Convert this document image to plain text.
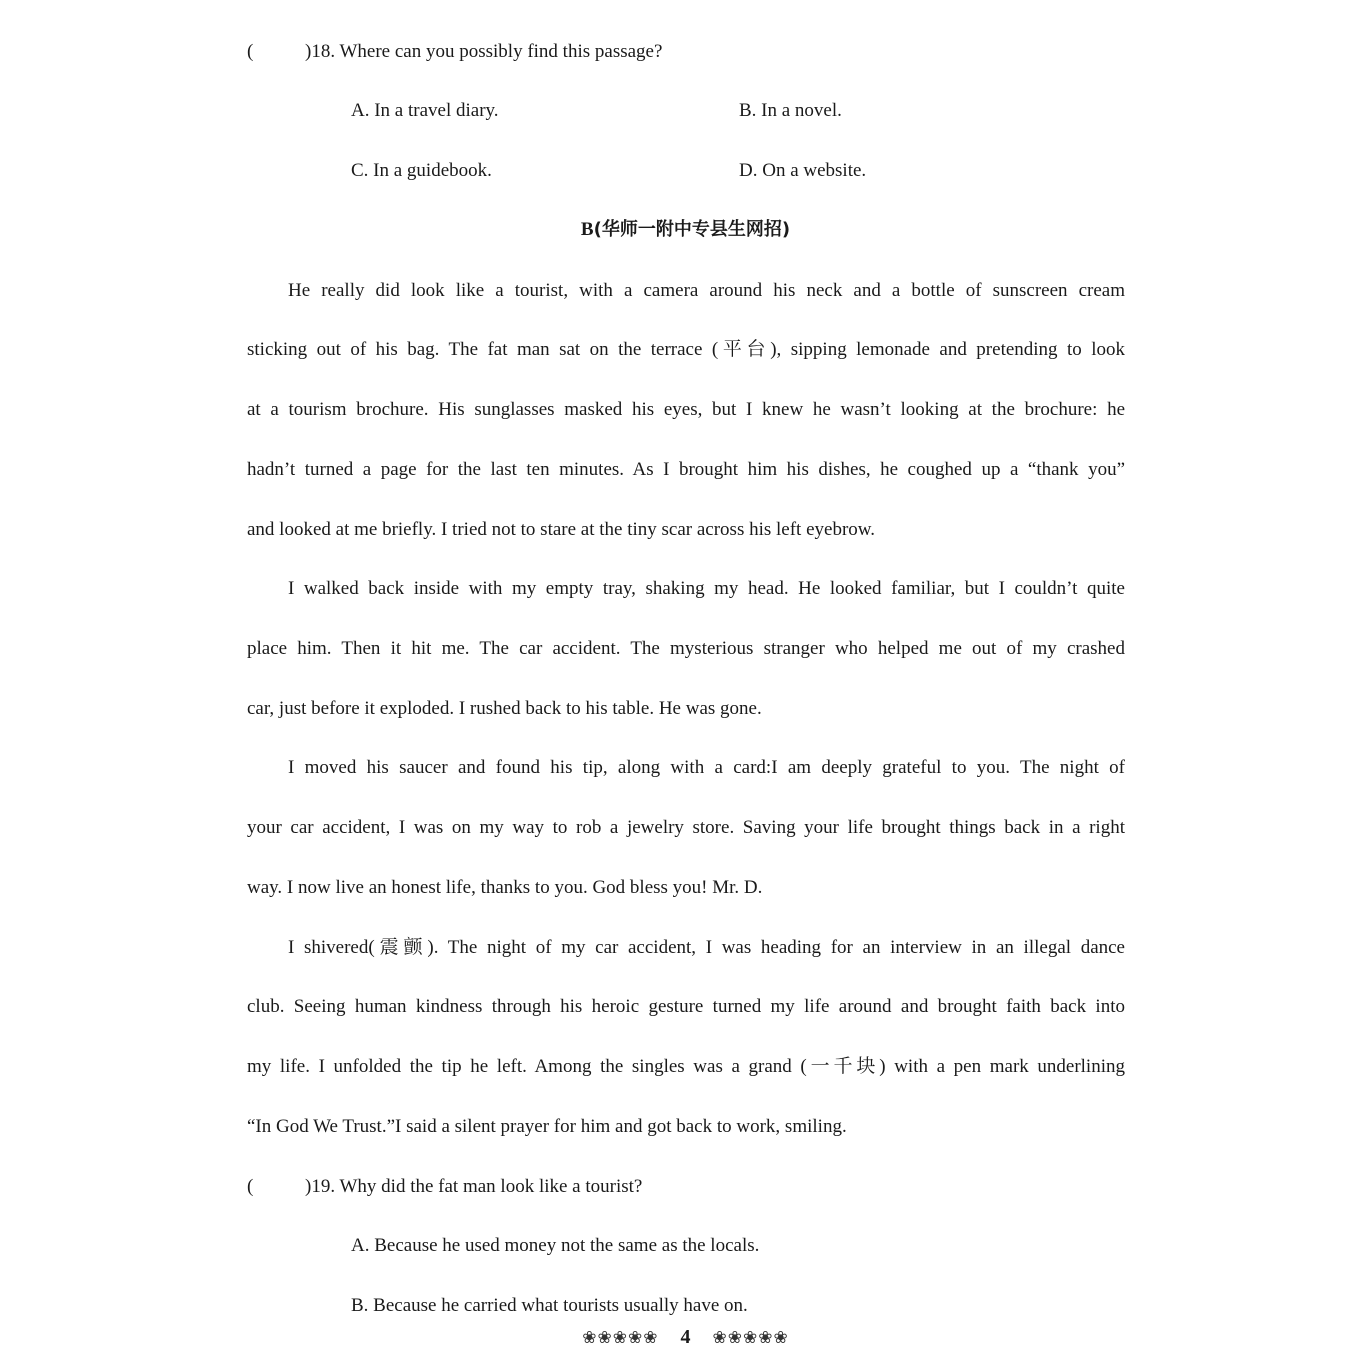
(	)18. Where can you possibly find this passage?
A. In a travel diary.	B. In a novel.
C. In a guidebook.	D. On a website.
B(华师一附中专县生网招)
He really did look like a tourist, with a camera around his neck and a bottle of sunscreen cream
sticking out of his bag. The fat man sat on the terrace (平台), sipping lemonade and pretending to look
at a tourism brochure. His sunglasses masked his eyes, but I knew he wasn’t looking at the brochure: he
hadn’t turned a page for the last ten minutes. As I brought him his dishes, he coughed up a “thank you”
and looked at me briefly. I tried not to stare at the tiny scar across his left eyebrow.
I walked back inside with my empty tray, shaking my head. He looked familiar, but I couldn’t quite
place him. Then it hit me. The car accident. The mysterious stranger who helped me out of my crashed
car, just before it exploded. I rushed back to his table. He was gone.
I moved his saucer and found his tip, along with a card:I am deeply grateful to you. The night of
your car accident, I was on my way to rob a jewelry store. Saving your life brought things back in a right
way. I now live an honest life, thanks to you. God bless you! Mr. D.
I shivered(震颤). The night of my car accident, I was heading for an interview in an illegal dance
club. Seeing human kindness through his heroic gesture turned my life around and brought faith back into
my life. I unfolded the tip he left. Among the singles was a grand (一千块) with a pen mark underlining
“In God We Trust.”I said a silent prayer for him and got back to work, smiling.
(	)19. Why did the fat man look like a tourist?
A. Because he used money not the same as the locals.
B. Because he carried what tourists usually have on.
❀❀❀❀❀ 4 ❀❀❀❀❀
